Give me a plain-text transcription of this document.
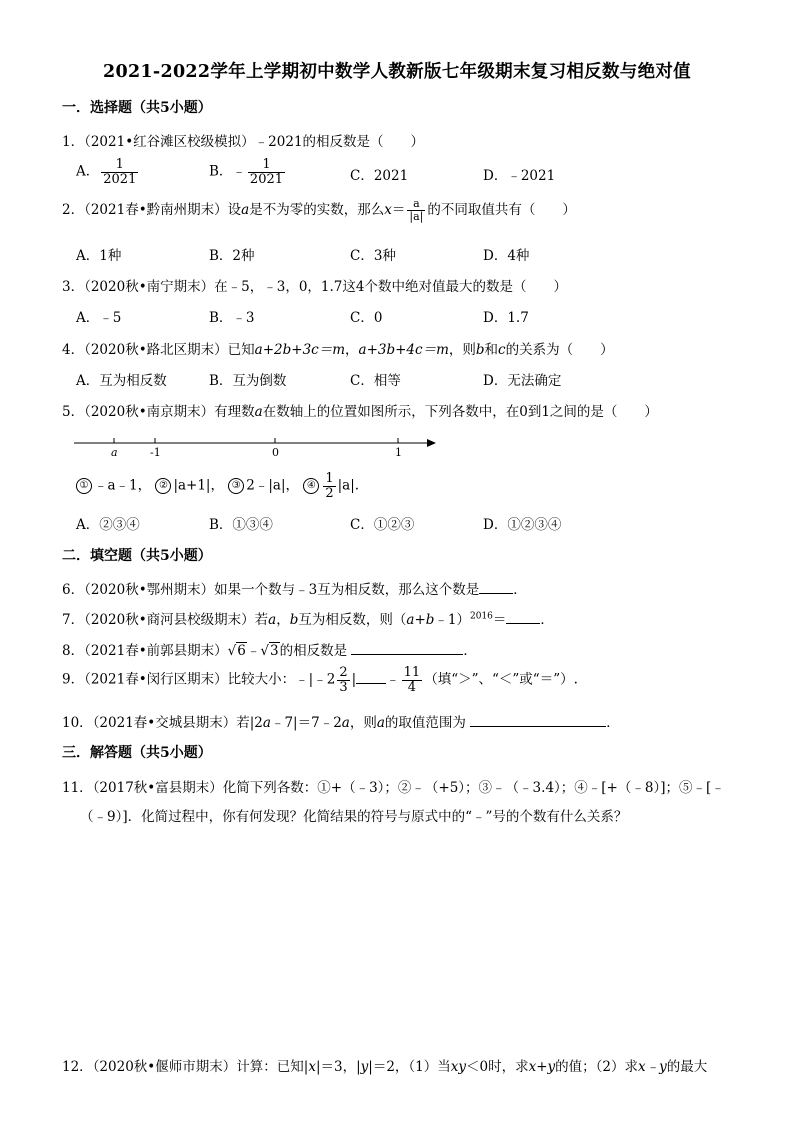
2021-2022学年上学期初中数学人教新版七年级期末复习相反数与绝对值
一．选择题（共5小题）
1．（2021•红谷滩区校级模拟）﹣2021的相反数是（　　）
A． $\frac{1}{2021}$	B．﹣ $\frac{1}{2021}$	C．2021	D．﹣2021
2．（2021春•黔南州期末）设a是不为零的实数，那么$x= \frac{a}{|a|}$ 的不同取值共有（　　）
A．1种	B．2种	C．3种	D．4种
3．（2020秋•南宁期末）在﹣5，﹣3，0，1.7这4个数中绝对值最大的数是（　　）
A．﹣5	B．﹣3	C．0	D．1.7
4．（2020秋•路北区期末）已知a+2b+3c＝m，a+3b+4c＝m，则b和c的关系为（　　）
A．互为相反数	B．互为倒数	C．相等	D．无法确定
5．（2020秋•南京期末）有理数a在数轴上的位置如图所示，下列各数中，在0到1之间的是（　　）
a	-1	0	1
① ﹣a﹣1， ② |a+1|， ③ 2﹣|a|， ④ $\frac{1}{2} |a|$.
A．②③④	B．①③④	C．①②③	D．①②③④
二．填空题（共5小题）
6．（2020秋•鄂州期末）如果一个数与﹣3互为相反数，那么这个数是	．
7．（2020秋•商河县校级期末）若a，b互为相反数，则（a+b﹣1）$^{2016}$＝	．
8．（2021春•前郭县期末）√6﹣√3的相反数是	．
9．（2021春•闵行区期末）比较大小：﹣|﹣2 $\frac{2}{3}$ | ﹣ $\frac{11}{4}$ （填“＞”、“＜”或“＝”）.
10．（2021春•交城县期末）若|2a﹣7|＝7﹣2a，则a的取值范围为	．
三．解答题（共5小题）
11．（2017秋•富县期末）化简下列各数：①+（﹣3）；②﹣（+5）；③﹣（﹣3.4）；④﹣[+（﹣8）]；⑤﹣[﹣
（﹣9）]．化简过程中，你有何发现？化简结果的符号与原式中的“﹣”号的个数有什么关系？
12．（2020秋•偃师市期末）计算：已知|x|＝3，|y|＝2，（1）当xy＜0时，求x+y的值；（2）求x﹣y的最大
